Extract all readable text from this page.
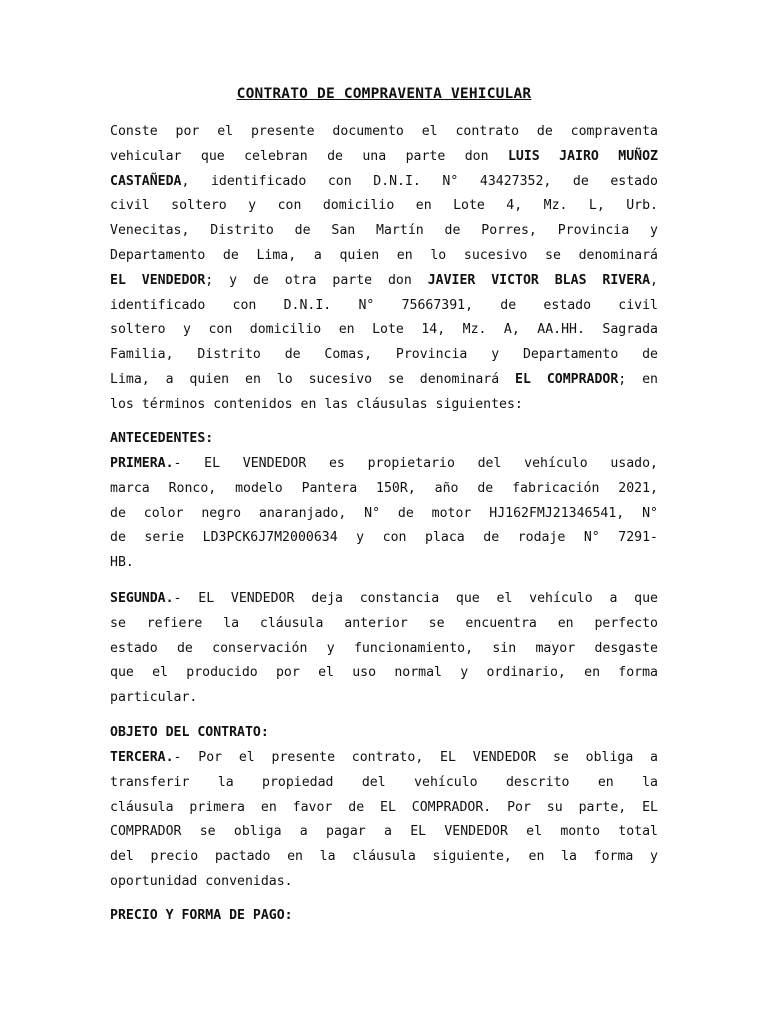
CONTRATO DE COMPRAVENTA VEHICULAR
Conste por el presente documento el contrato de compraventa
vehicular que celebran de una parte don LUIS JAIRO MUÑOZ
CASTAÑEDA, identificado con D.N.I. N° 43427352, de estado
civil soltero y con domicilio en Lote 4, Mz. L, Urb.
Venecitas, Distrito de San Martín de Porres, Provincia y
Departamento de Lima, a quien en lo sucesivo se denominará
EL VENDEDOR; y de otra parte don JAVIER VICTOR BLAS RIVERA,
identificado con D.N.I. N° 75667391, de estado civil
soltero y con domicilio en Lote 14, Mz. A, AA.HH. Sagrada
Familia, Distrito de Comas, Provincia y Departamento de
Lima, a quien en lo sucesivo se denominará EL COMPRADOR; en
los términos contenidos en las cláusulas siguientes:
ANTECEDENTES:
PRIMERA.- EL VENDEDOR es propietario del vehículo usado,
marca Ronco, modelo Pantera 150R, año de fabricación 2021,
de color negro anaranjado, N° de motor HJ162FMJ21346541, N°
de serie LD3PCK6J7M2000634 y con placa de rodaje N° 7291-
HB.
SEGUNDA.- EL VENDEDOR deja constancia que el vehículo a que
se refiere la cláusula anterior se encuentra en perfecto
estado de conservación y funcionamiento, sin mayor desgaste
que el producido por el uso normal y ordinario, en forma
particular.
OBJETO DEL CONTRATO:
TERCERA.- Por el presente contrato, EL VENDEDOR se obliga a
transferir la propiedad del vehículo descrito en la
cláusula primera en favor de EL COMPRADOR. Por su parte, EL
COMPRADOR se obliga a pagar a EL VENDEDOR el monto total
del precio pactado en la cláusula siguiente, en la forma y
oportunidad convenidas.
PRECIO Y FORMA DE PAGO:
